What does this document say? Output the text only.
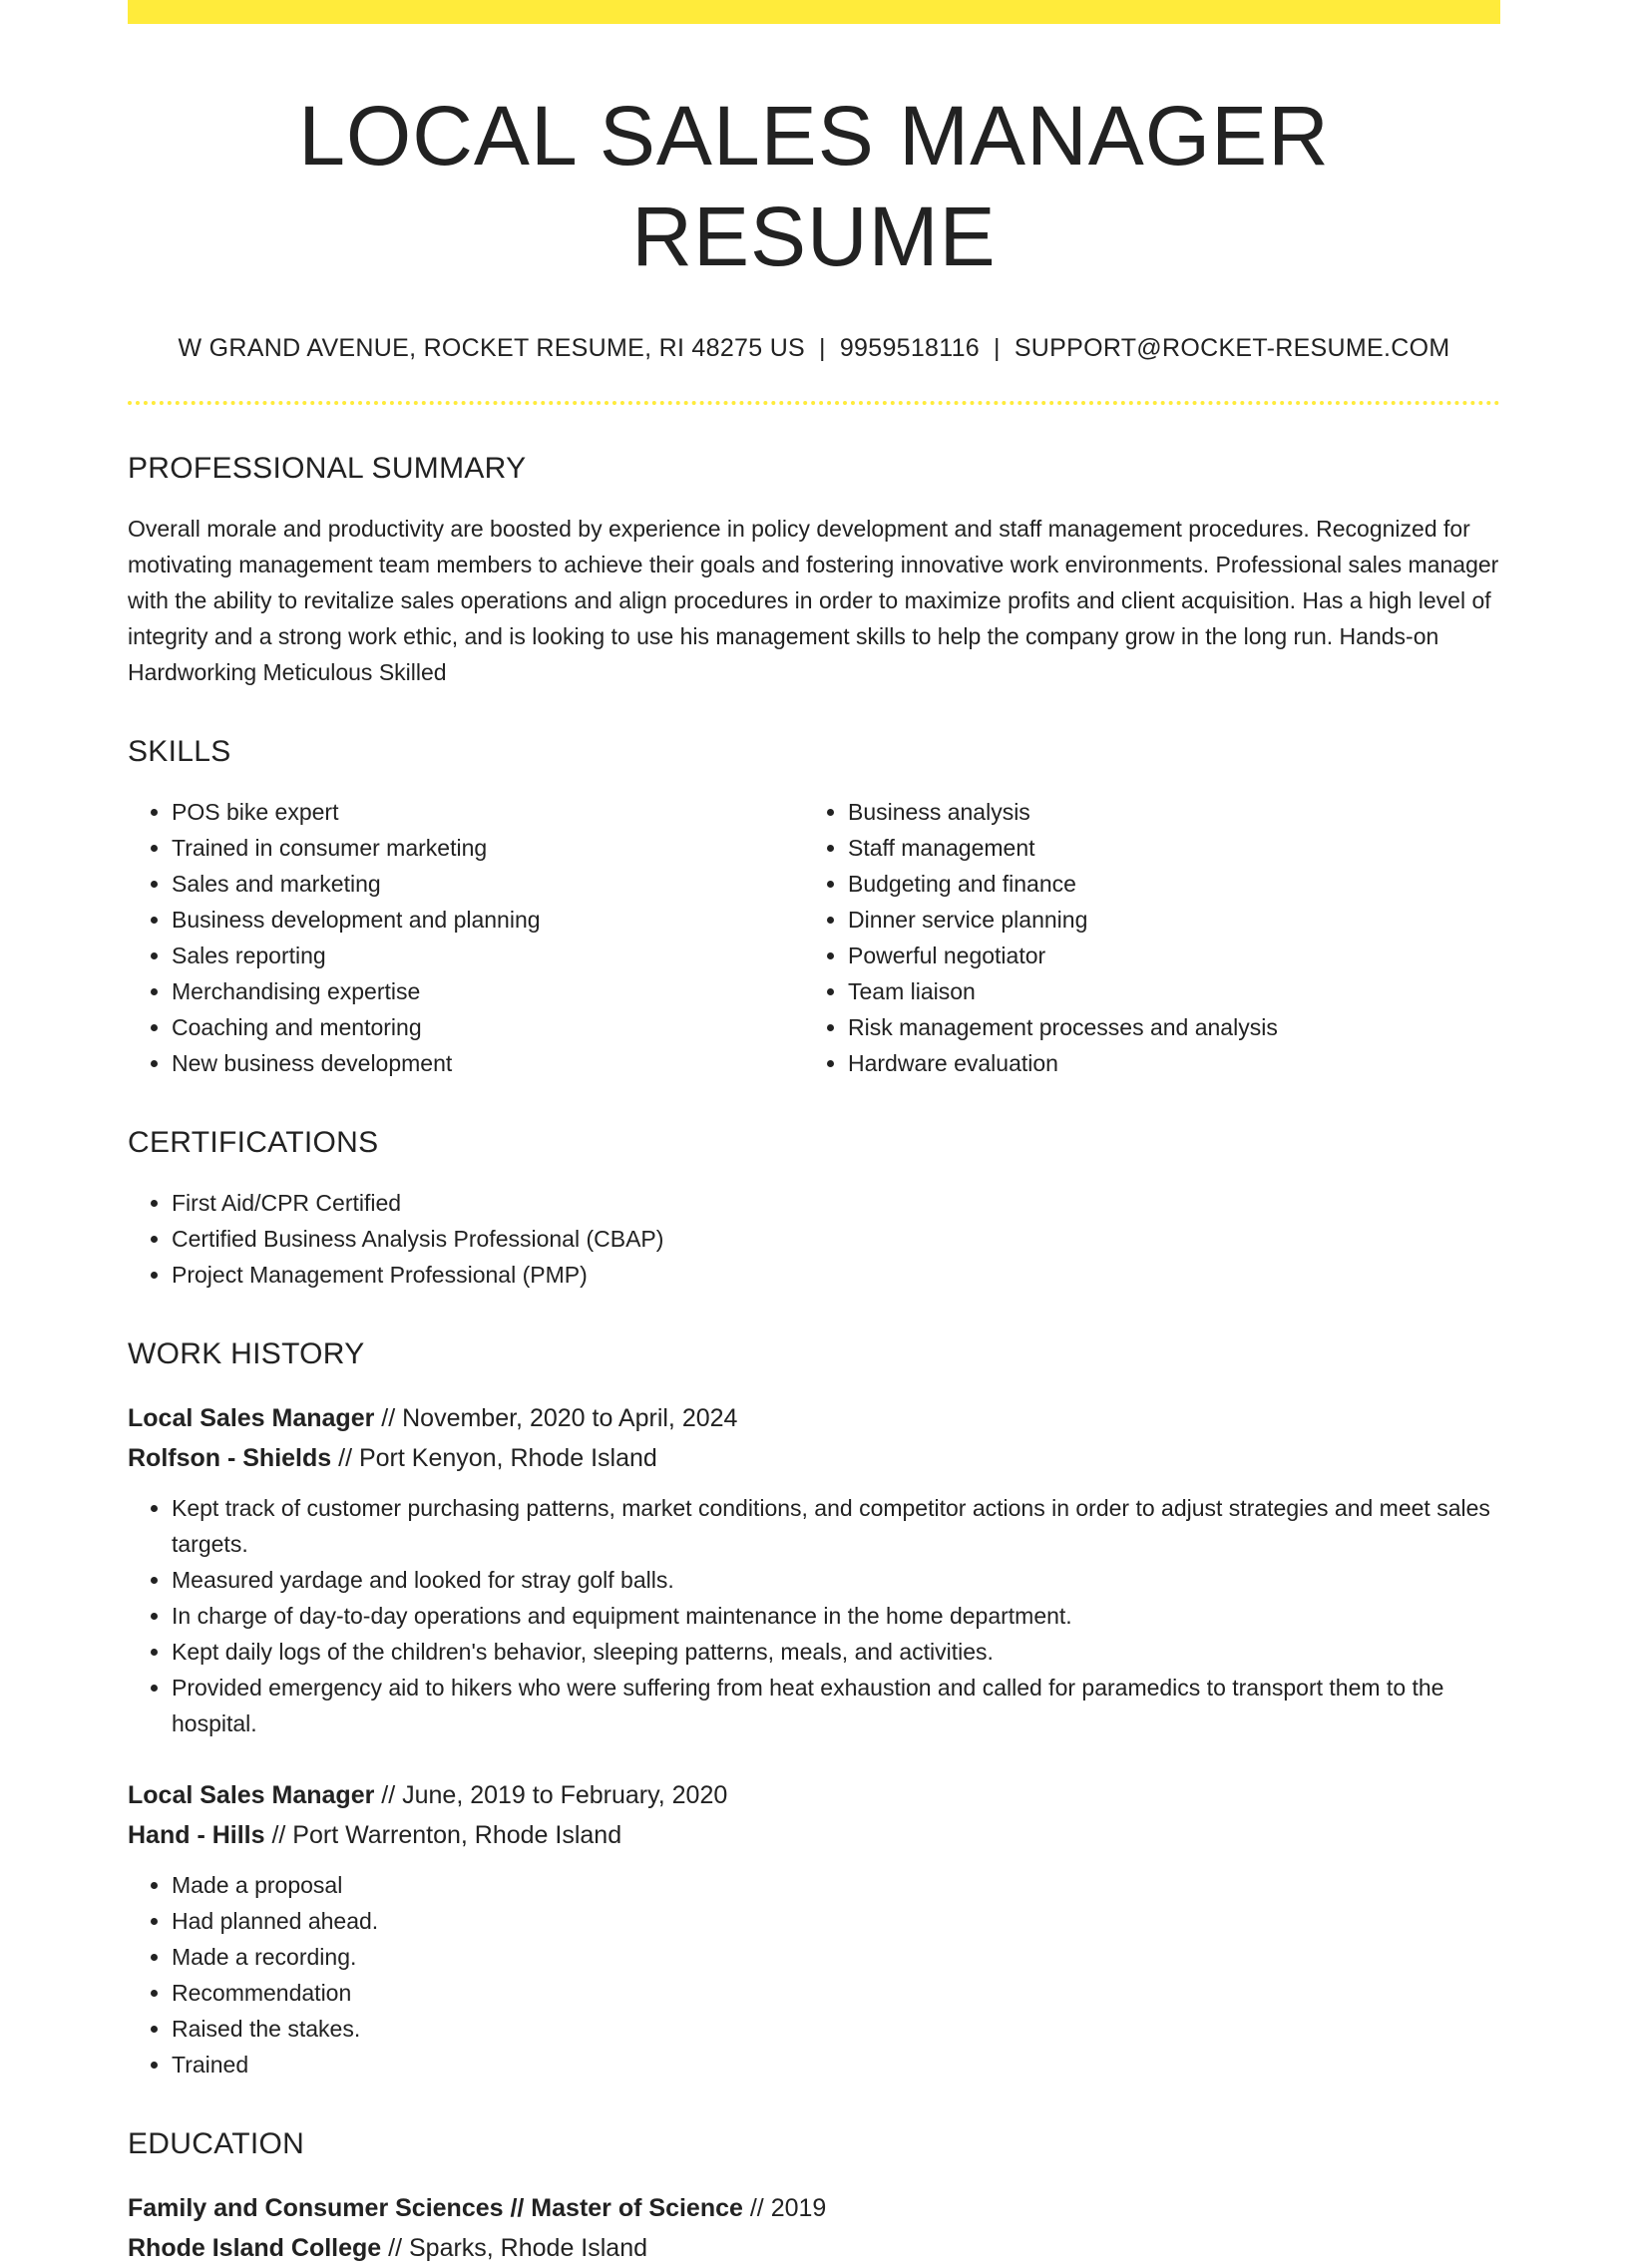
LOCAL SALES MANAGER RESUME
W GRAND AVENUE, ROCKET RESUME, RI 48275 US | 9959518116 | SUPPORT@ROCKET-RESUME.COM
PROFESSIONAL SUMMARY
Overall morale and productivity are boosted by experience in policy development and staff management procedures. Recognized for motivating management team members to achieve their goals and fostering innovative work environments. Professional sales manager with the ability to revitalize sales operations and align procedures in order to maximize profits and client acquisition. Has a high level of integrity and a strong work ethic, and is looking to use his management skills to help the company grow in the long run. Hands-on Hardworking Meticulous Skilled
SKILLS
• POS bike expert
• Trained in consumer marketing
• Sales and marketing
• Business development and planning
• Sales reporting
• Merchandising expertise
• Coaching and mentoring
• New business development
• Business analysis
• Staff management
• Budgeting and finance
• Dinner service planning
• Powerful negotiator
• Team liaison
• Risk management processes and analysis
• Hardware evaluation
CERTIFICATIONS
• First Aid/CPR Certified
• Certified Business Analysis Professional (CBAP)
• Project Management Professional (PMP)
WORK HISTORY
Local Sales Manager // November, 2020 to April, 2024
Rolfson - Shields // Port Kenyon, Rhode Island
• Kept track of customer purchasing patterns, market conditions, and competitor actions in order to adjust strategies and meet sales targets.
• Measured yardage and looked for stray golf balls.
• In charge of day-to-day operations and equipment maintenance in the home department.
• Kept daily logs of the children's behavior, sleeping patterns, meals, and activities.
• Provided emergency aid to hikers who were suffering from heat exhaustion and called for paramedics to transport them to the hospital.
Local Sales Manager // June, 2019 to February, 2020
Hand - Hills // Port Warrenton, Rhode Island
• Made a proposal
• Had planned ahead.
• Made a recording.
• Recommendation
• Raised the stakes.
• Trained
EDUCATION
Family and Consumer Sciences // Master of Science // 2019
Rhode Island College // Sparks, Rhode Island
